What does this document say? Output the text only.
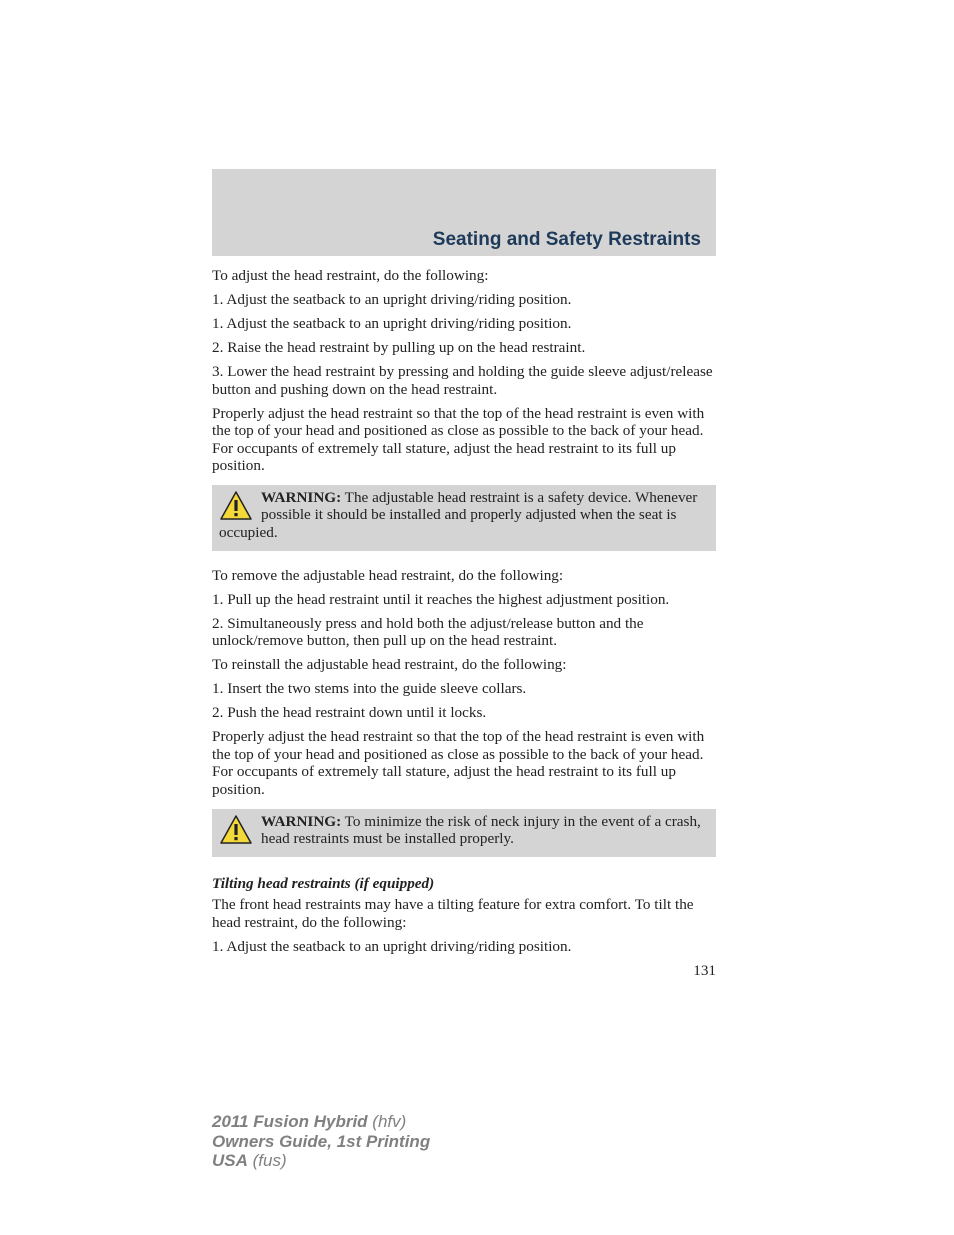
Seating and Safety Restraints

To adjust the head restraint, do the following:

1. Adjust the seatback to an upright driving/riding position.

1. Adjust the seatback to an upright driving/riding position.

2. Raise the head restraint by pulling up on the head restraint.

3. Lower the head restraint by pressing and holding the guide sleeve adjust/release button and pushing down on the head restraint.

Properly adjust the head restraint so that the top of the head restraint is even with the top of your head and positioned as close as possible to the back of your head. For occupants of extremely tall stature, adjust the head restraint to its full up position.

WARNING: The adjustable head restraint is a safety device. Whenever possible it should be installed and properly adjusted when the seat is occupied.

To remove the adjustable head restraint, do the following:

1. Pull up the head restraint until it reaches the highest adjustment position.

2. Simultaneously press and hold both the adjust/release button and the unlock/remove button, then pull up on the head restraint.

To reinstall the adjustable head restraint, do the following:

1. Insert the two stems into the guide sleeve collars.

2. Push the head restraint down until it locks.

Properly adjust the head restraint so that the top of the head restraint is even with the top of your head and positioned as close as possible to the back of your head. For occupants of extremely tall stature, adjust the head restraint to its full up position.

WARNING: To minimize the risk of neck injury in the event of a crash, head restraints must be installed properly.

Tilting head restraints (if equipped)

The front head restraints may have a tilting feature for extra comfort. To tilt the head restraint, do the following:

1. Adjust the seatback to an upright driving/riding position.

131
2011 Fusion Hybrid (hfv)
Owners Guide, 1st Printing
USA (fus)
